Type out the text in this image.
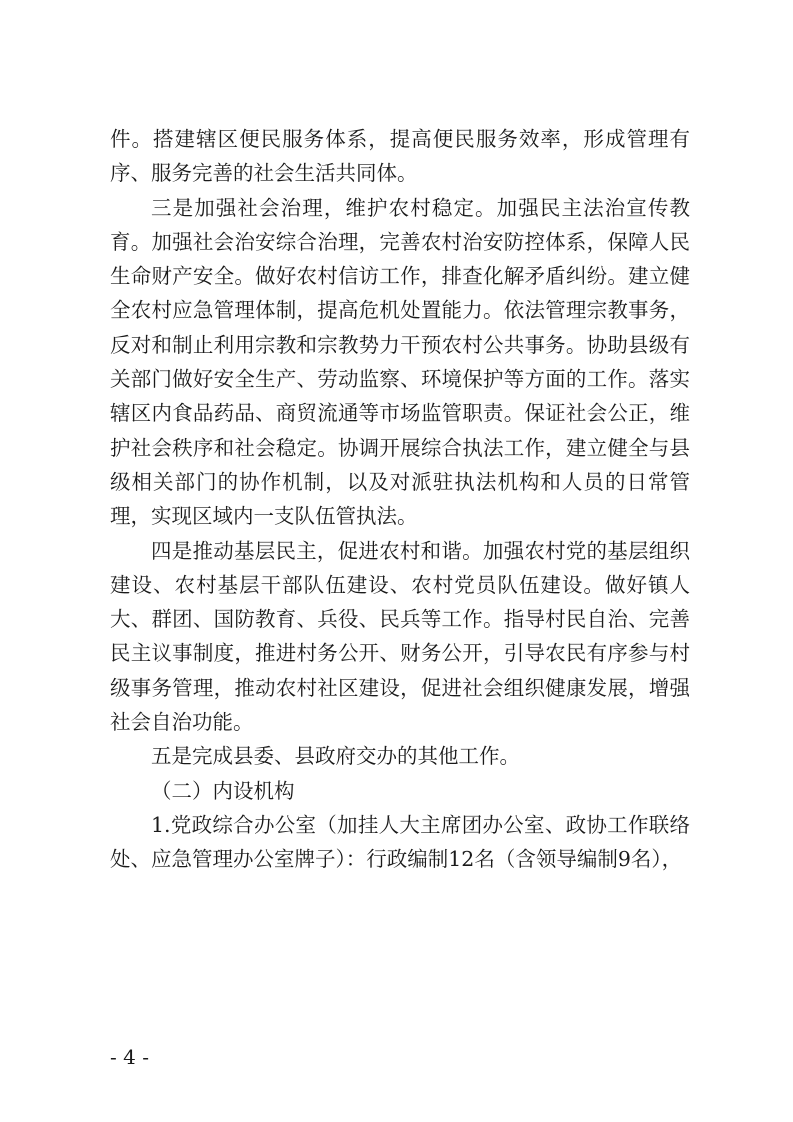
件。搭建辖区便民服务体系，提高便民服务效率，形成管理有序、服务完善的社会生活共同体。

三是加强社会治理，维护农村稳定。加强民主法治宣传教育。加强社会治安综合治理，完善农村治安防控体系，保障人民生命财产安全。做好农村信访工作，排查化解矛盾纠纷。建立健全农村应急管理体制，提高危机处置能力。依法管理宗教事务，反对和制止利用宗教和宗教势力干预农村公共事务。协助县级有关部门做好安全生产、劳动监察、环境保护等方面的工作。落实辖区内食品药品、商贸流通等市场监管职责。保证社会公正，维护社会秩序和社会稳定。协调开展综合执法工作，建立健全与县级相关部门的协作机制，以及对派驻执法机构和人员的日常管理，实现区域内一支队伍管执法。

四是推动基层民主，促进农村和谐。加强农村党的基层组织建设、农村基层干部队伍建设、农村党员队伍建设。做好镇人大、群团、国防教育、兵役、民兵等工作。指导村民自治、完善民主议事制度，推进村务公开、财务公开，引导农民有序参与村级事务管理，推动农村社区建设，促进社会组织健康发展，增强社会自治功能。

五是完成县委、县政府交办的其他工作。

（二）内设机构

1.党政综合办公室（加挂人大主席团办公室、政协工作联络处、应急管理办公室牌子）：行政编制12名（含领导编制9名），

- 4 -
